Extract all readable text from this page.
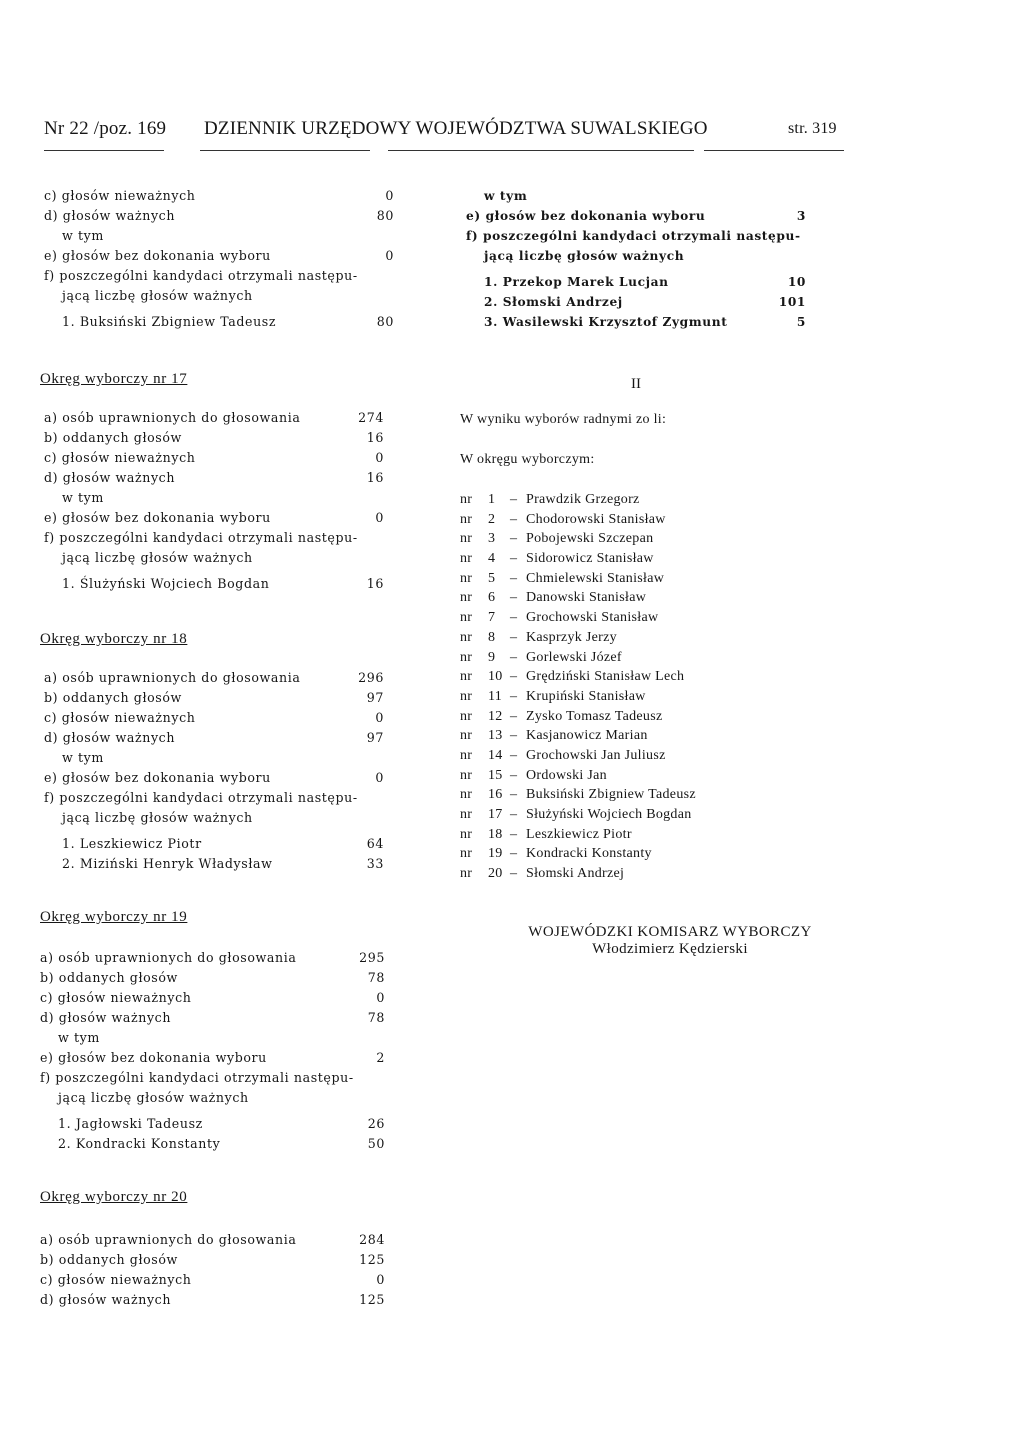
Nr 22 /poz. 169 DZIENNIK URZĘDOWY WOJEWÓDZTWA SUWALSKIEGO	str. 319
c) głosów nieważnych	0
d) głosów ważnych	80
w tym
e) głosów bez dokonania wyboru	0
f) poszczególni kandydaci otrzymali następu-
jącą liczbę głosów ważnych
1. Buksiński Zbigniew Tadeusz	80
w tym
e) głosów bez dokonania wyboru	3
f) poszczególni kandydaci otrzymali następu-
jącą liczbę głosów ważnych
1. Przekop Marek Lucjan	10
2. Słomski Andrzej	101
3. Wasilewski Krzysztof Zygmunt	5
Okręg wyborczy nr 17
a) osób uprawnionych do głosowania	274
b) oddanych głosów	16
c) głosów nieważnych	0
d) głosów ważnych	16
w tym
e) głosów bez dokonania wyboru	0
f) poszczególni kandydaci otrzymali następu-
jącą liczbę głosów ważnych
1. Ślużyński Wojciech Bogdan	16
Okręg wyborczy nr 18
a) osób uprawnionych do głosowania	296
b) oddanych głosów	97
c) głosów nieważnych	0
d) głosów ważnych	97
w tym
e) głosów bez dokonania wyboru	0
f) poszczególni kandydaci otrzymali następu-
jącą liczbę głosów ważnych
1. Leszkiewicz Piotr	64
2. Miziński Henryk Władysław	33
Okręg wyborczy nr 19
a) osób uprawnionych do głosowania	295
b) oddanych głosów	78
c) głosów nieważnych	0
d) głosów ważnych	78
w tym
e) głosów bez dokonania wyboru	2
f) poszczególni kandydaci otrzymali następu-
jącą liczbę głosów ważnych
1. Jagłowski Tadeusz	26
2. Kondracki Konstanty	50
Okręg wyborczy nr 20
a) osób uprawnionych do głosowania	284
b) oddanych głosów	125
c) głosów nieważnych	0
d) głosów ważnych	125
II
W wyniku wyborów radnymi zo li:
W okręgu wyborczym:
nr 1 – Prawdzik Grzegorz
nr 2 – Chodorowski Stanisław
nr 3 – Pobojewski Szczepan
nr 4 – Sidorowicz Stanisław
nr 5 – Chmielewski Stanisław
nr 6 – Danowski Stanisław
nr 7 – Grochowski Stanisław
nr 8 – Kasprzyk Jerzy
nr 9 – Gorlewski Józef
nr 10 – Grędziński Stanisław Lech
nr 11 – Krupiński Stanisław
nr 12 – Zysko Tomasz Tadeusz
nr 13 – Kasjanowicz Marian
nr 14 – Grochowski Jan Juliusz
nr 15 – Ordowski Jan
nr 16 – Buksiński Zbigniew Tadeusz
nr 17 – Służyński Wojciech Bogdan
nr 18 – Leszkiewicz Piotr
nr 19 – Kondracki Konstanty
nr 20 – Słomski Andrzej
WOJEWÓDZKI KOMISARZ WYBORCZY
Włodzimierz Kędzierski
